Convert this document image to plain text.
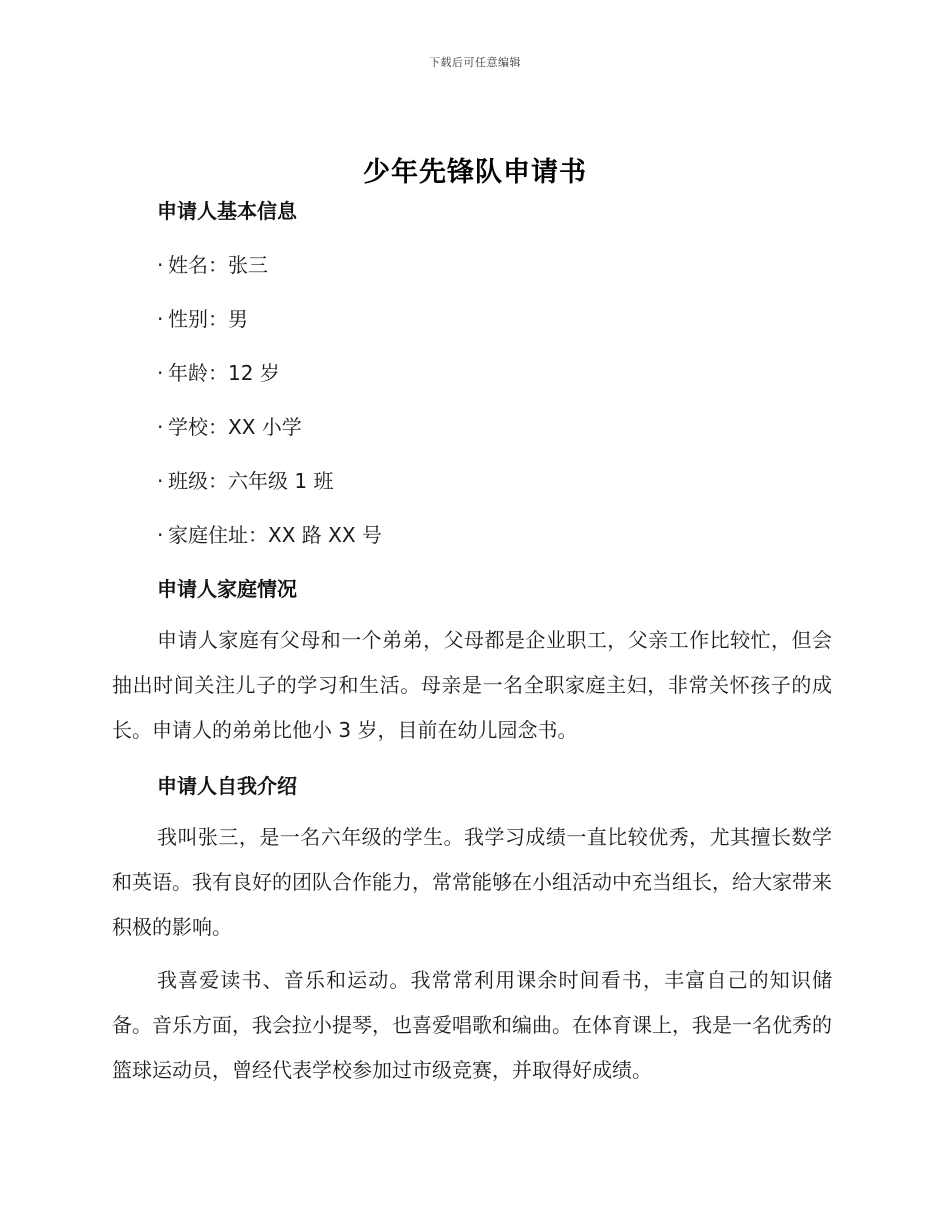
下载后可任意编辑
少年先锋队申请书
申请人基本信息
· 姓名：张三
· 性别：男
· 年龄：12 岁
· 学校：XX 小学
· 班级：六年级 1 班
· 家庭住址：XX 路 XX 号
申请人家庭情况

申请人家庭有父母和一个弟弟，父母都是企业职工，父亲工作比较忙，但会抽出时间关注儿子的学习和生活。母亲是一名全职家庭主妇，非常关怀孩子的成长。申请人的弟弟比他小 3 岁，目前在幼儿园念书。

申请人自我介绍

我叫张三，是一名六年级的学生。我学习成绩一直比较优秀，尤其擅长数学和英语。我有良好的团队合作能力，常常能够在小组活动中充当组长，给大家带来积极的影响。

我喜爱读书、音乐和运动。我常常利用课余时间看书，丰富自己的知识储备。音乐方面，我会拉小提琴，也喜爱唱歌和编曲。在体育课上，我是一名优秀的篮球运动员，曾经代表学校参加过市级竞赛，并取得好成绩。
